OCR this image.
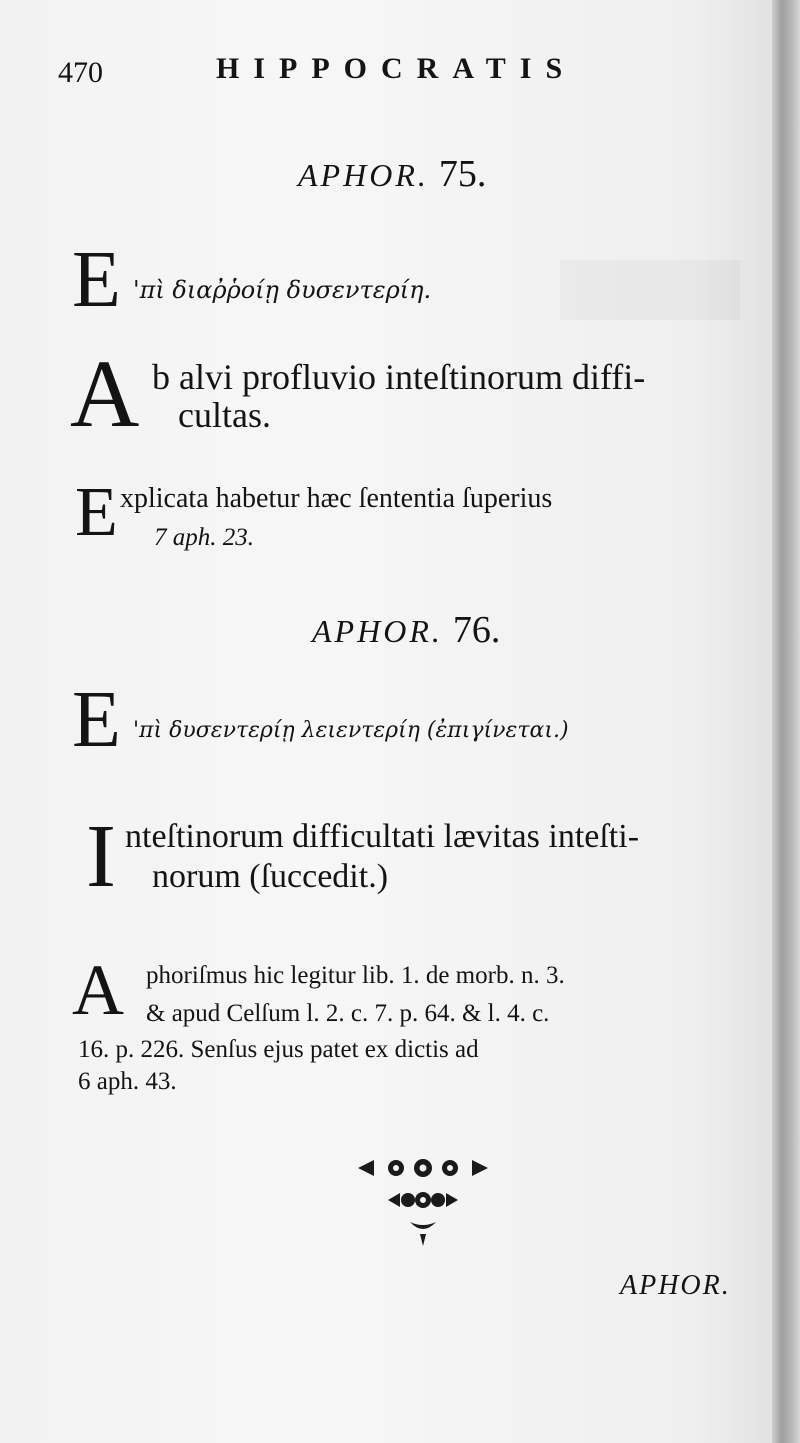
470	HIPPOCRATIS
APHOR. 75.
E 'πὶ διαῤῥοίῃ δυσεντερίη.
A b alvi profluvio inteſtinorum diffi-
cultas.
E xplicata habetur hæc ſententia ſuperius
7 aph. 23.
APHOR. 76.
E 'πὶ δυσεντερίῃ λειεντερίη (ἐπιγίνεται.)
I nteſtinorum difficultati lævitas inteſti-
norum (ſuccedit.)
A phoriſmus hic legitur lib. 1. de morb. n. 3.
& apud Celſum l. 2. c. 7. p. 64. & l. 4. c.
16. p. 226. Senſus ejus patet ex dictis ad
6 aph. 43.
APHOR.
